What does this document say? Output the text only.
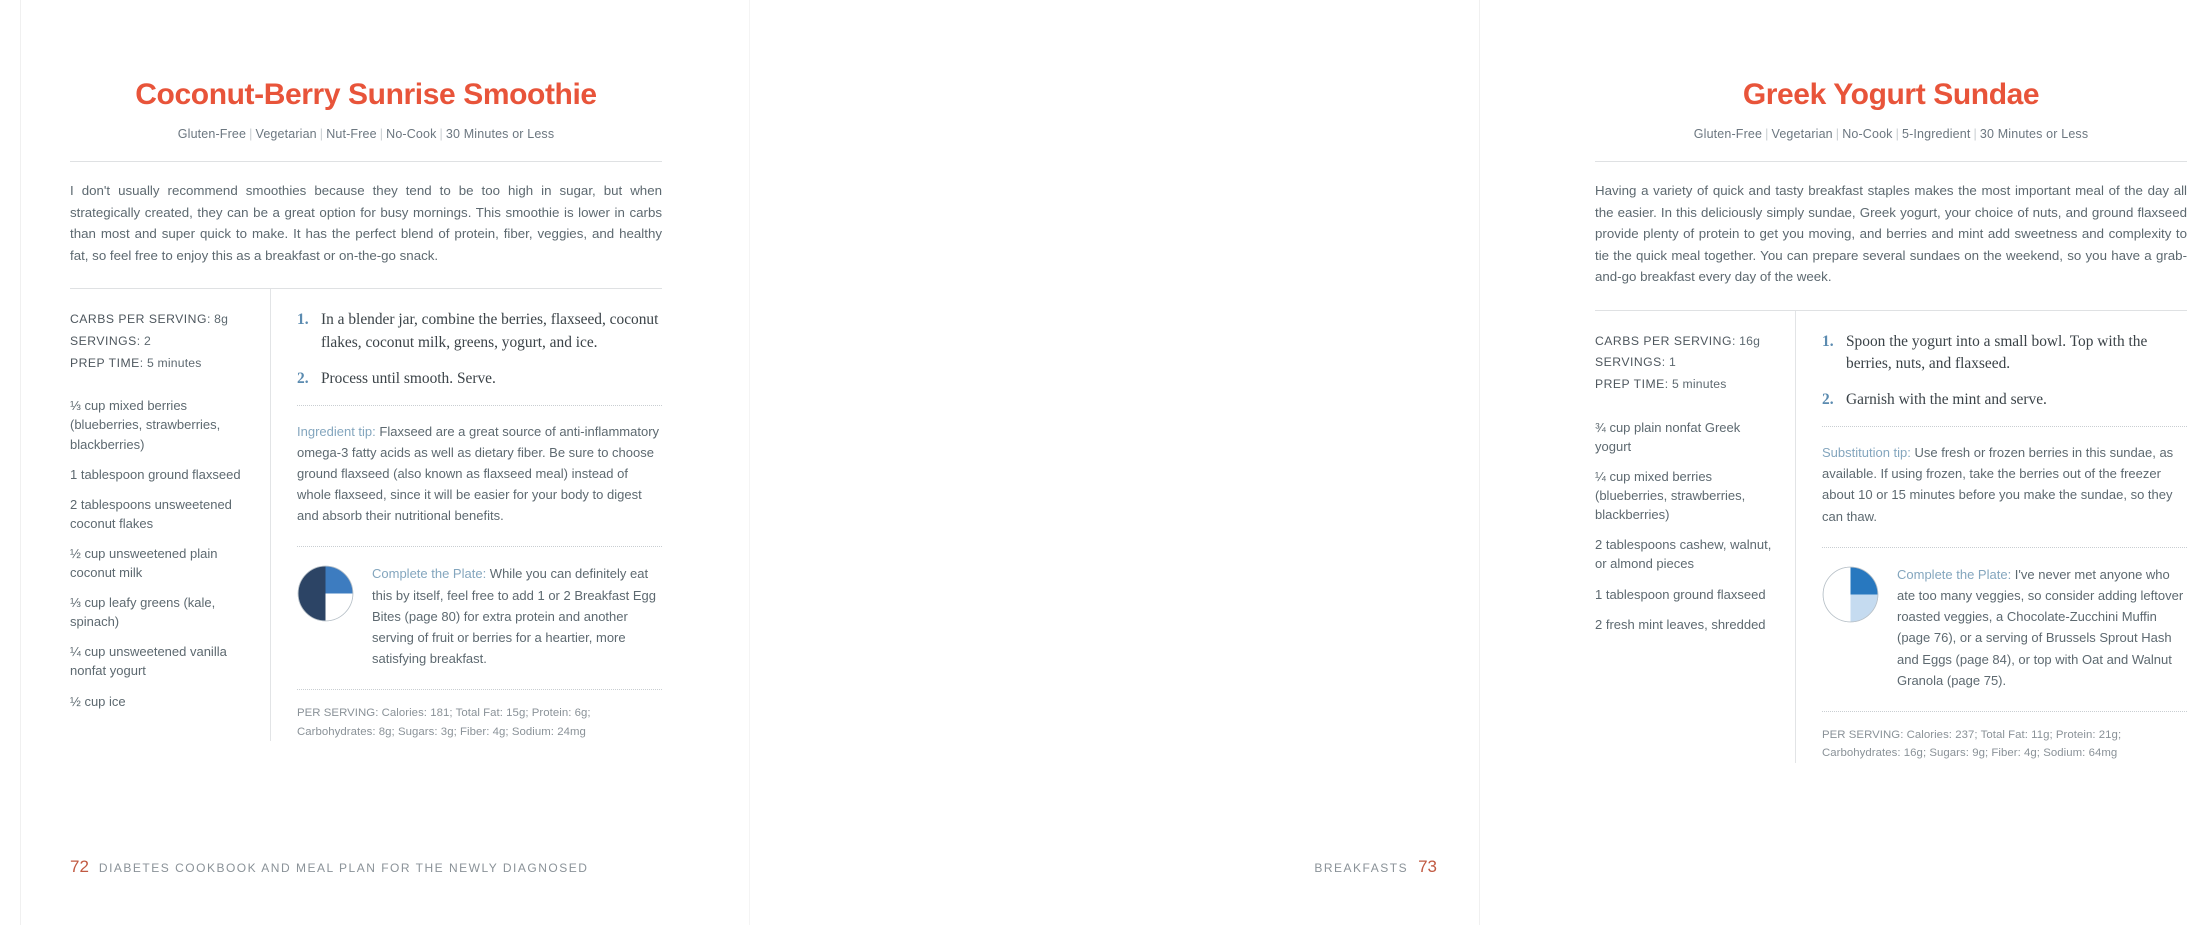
Coconut-Berry Sunrise Smoothie
Gluten-Free | Vegetarian | Nut-Free | No-Cook | 30 Minutes or Less

I don't usually recommend smoothies because they tend to be too high in sugar, but when strategically created, they can be a great option for busy mornings. This smoothie is lower in carbs than most and super quick to make. It has the perfect blend of protein, fiber, veggies, and healthy fat, so feel free to enjoy this as a breakfast or on-the-go snack.

CARBS PER SERVING: 8g
SERVINGS: 2
PREP TIME: 5 minutes
⅓ cup mixed berries (blueberries, strawberries, blackberries)
1 tablespoon ground flaxseed
2 tablespoons unsweetened coconut flakes
½ cup unsweetened plain coconut milk
⅓ cup leafy greens (kale, spinach)
¼ cup unsweetened vanilla nonfat yogurt
½ cup ice
1. In a blender jar, combine the berries, flaxseed, coconut flakes, coconut milk, greens, yogurt, and ice.
2. Process until smooth. Serve.

Ingredient tip: Flaxseed are a great source of anti-inflammatory omega-3 fatty acids as well as dietary fiber. Be sure to choose ground flaxseed (also known as flaxseed meal) instead of whole flaxseed, since it will be easier for your body to digest and absorb their nutritional benefits.

Complete the Plate: While you can definitely eat this by itself, feel free to add 1 or 2 Breakfast Egg Bites (page 80) for extra protein and another serving of fruit or berries for a heartier, more satisfying breakfast.

PER SERVING: Calories: 181; Total Fat: 15g; Protein: 6g; Carbohydrates: 8g; Sugars: 3g; Fiber: 4g; Sodium: 24mg

72 DIABETES COOKBOOK AND MEAL PLAN FOR THE NEWLY DIAGNOSED
Greek Yogurt Sundae
Gluten-Free | Vegetarian | No-Cook | 5-Ingredient | 30 Minutes or Less

Having a variety of quick and tasty breakfast staples makes the most important meal of the day all the easier. In this deliciously simply sundae, Greek yogurt, your choice of nuts, and ground flaxseed provide plenty of protein to get you moving, and berries and mint add sweetness and complexity to tie the quick meal together. You can prepare several sundaes on the weekend, so you have a grab-and-go breakfast every day of the week.

CARBS PER SERVING: 16g
SERVINGS: 1
PREP TIME: 5 minutes
¾ cup plain nonfat Greek yogurt
¼ cup mixed berries (blueberries, strawberries, blackberries)
2 tablespoons cashew, walnut, or almond pieces
1 tablespoon ground flaxseed
2 fresh mint leaves, shredded
1. Spoon the yogurt into a small bowl. Top with the berries, nuts, and flaxseed.
2. Garnish with the mint and serve.

Substitution tip: Use fresh or frozen berries in this sundae, as available. If using frozen, take the berries out of the freezer about 10 or 15 minutes before you make the sundae, so they can thaw.

Complete the Plate: I've never met anyone who ate too many veggies, so consider adding leftover roasted veggies, a Chocolate-Zucchini Muffin (page 76), or a serving of Brussels Sprout Hash and Eggs (page 84), or top with Oat and Walnut Granola (page 75).

PER SERVING: Calories: 237; Total Fat: 11g; Protein: 21g; Carbohydrates: 16g; Sugars: 9g; Fiber: 4g; Sodium: 64mg

BREAKFASTS 73
